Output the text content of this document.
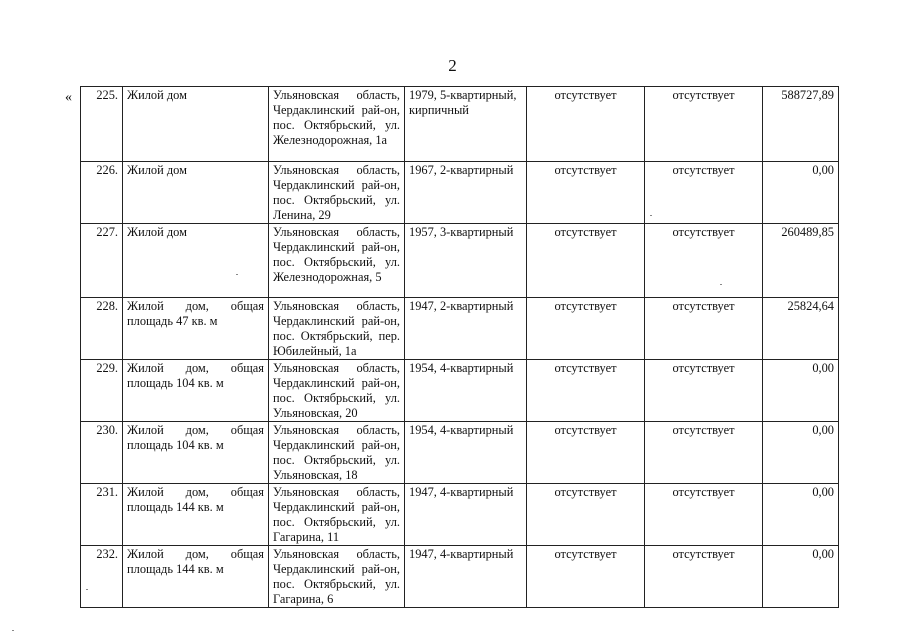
2
« 225.	Жилой дом	Ульяновская область, Чердаклинский рай-он, пос. Октябрьский, ул. Железнодорожная, 1а	1979, 5-квартирный, кирпичный	отсутствует	отсутствует	588727,89
226.	Жилой дом	Ульяновская область, Чердаклинский рай-он, пос. Октябрьский, ул. Ленина, 29	1967, 2-квартирный	отсутствует	отсутствует	0,00
227.	Жилой дом	Ульяновская область, Чердаклинский рай-он, пос. Октябрьский, ул. Железнодорожная, 5	1957, 3-квартирный	отсутствует	отсутствует	260489,85
228.	Жилой дом, общая площадь 47 кв. м	Ульяновская область, Чердаклинский рай-он, пос. Октябрьский, пер. Юбилейный, 1а	1947, 2-квартирный	отсутствует	отсутствует	25824,64
229.	Жилой дом, общая площадь 104 кв. м	Ульяновская область, Чердаклинский рай-он, пос. Октябрьский, ул. Ульяновская, 20	1954, 4-квартирный	отсутствует	отсутствует	0,00
230.	Жилой дом, общая площадь 104 кв. м	Ульяновская область, Чердаклинский рай-он, пос. Октябрьский, ул. Ульяновская, 18	1954, 4-квартирный	отсутствует	отсутствует	0,00
231.	Жилой дом, общая площадь 144 кв. м	Ульяновская область, Чердаклинский рай-он, пос. Октябрьский, ул. Гагарина, 11	1947, 4-квартирный	отсутствует	отсутствует	0,00
232.	Жилой дом, общая площадь 144 кв. м	Ульяновская область, Чердаклинский рай-он, пос. Октябрьский, ул. Гагарина, 6	1947, 4-квартирный	отсутствует	отсутствует	0,00
